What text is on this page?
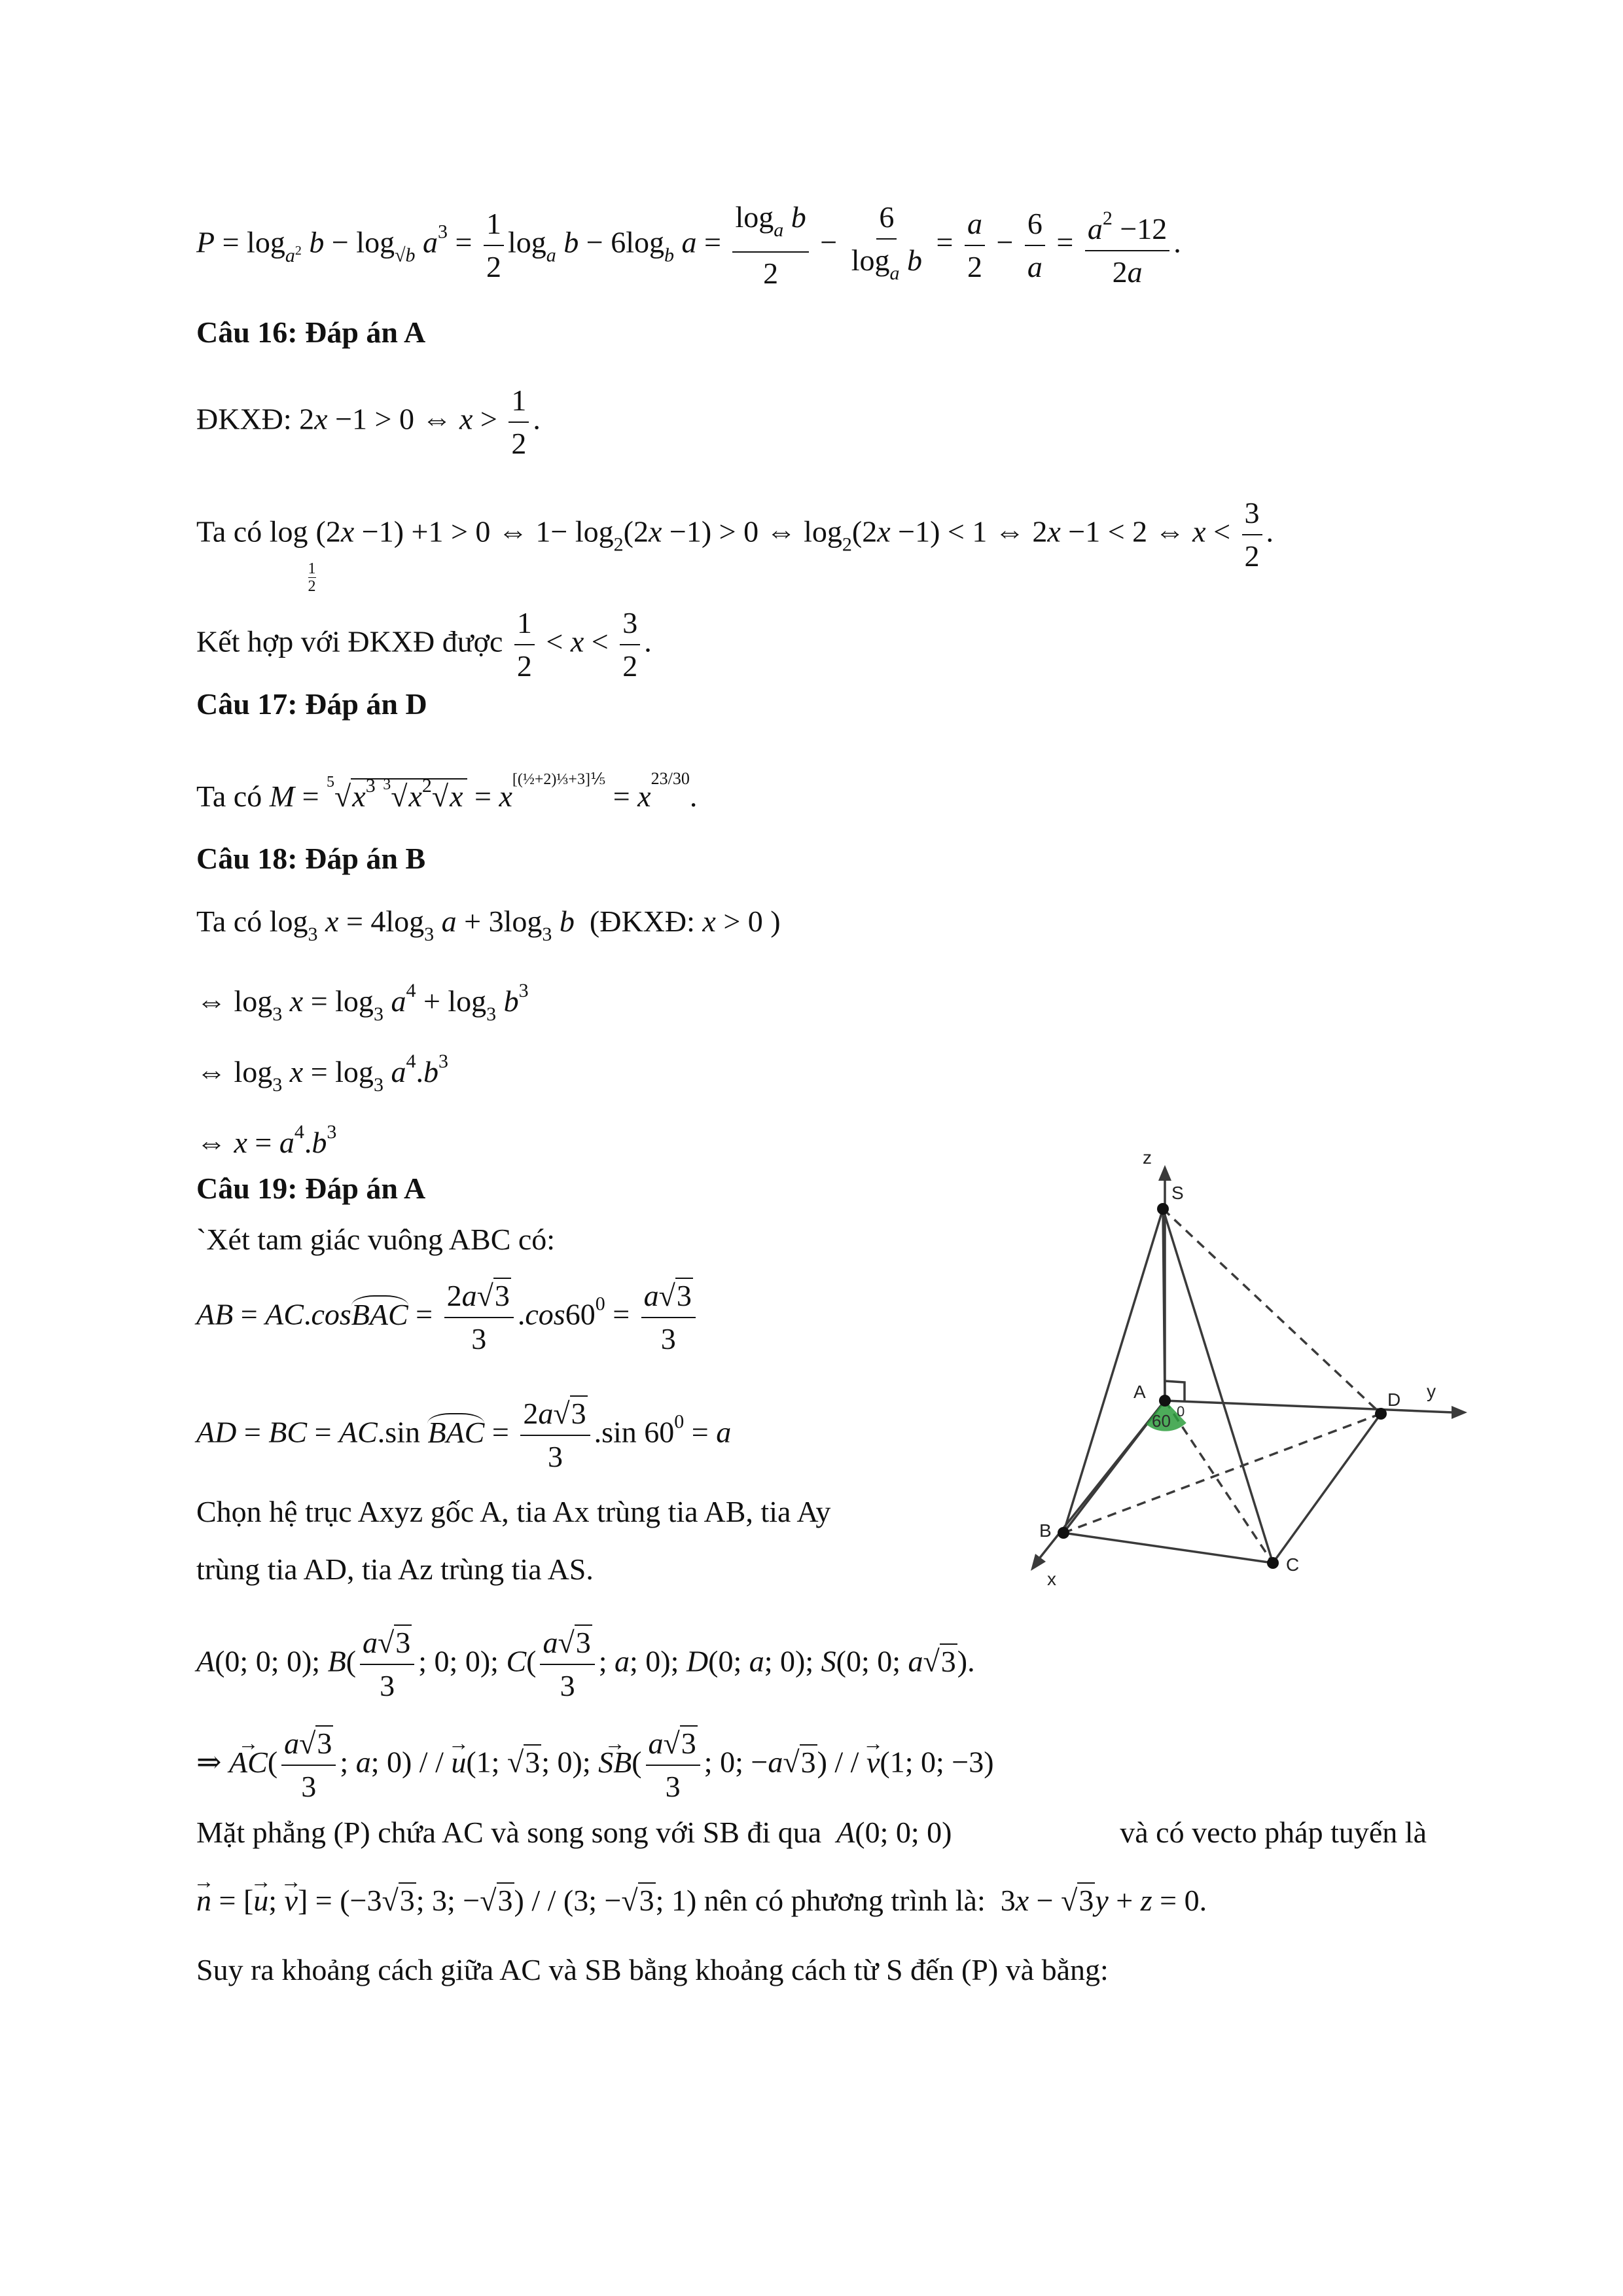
$P = \log_{a^2} b - \log_{√b} a^3 = \frac{1}{2} \log_a b - 6\log_b$ $a = \frac{\log_a b}{2} - \frac{6}{\log_a b} = \frac{a}{2} - \frac{6}{a} = \frac{a^2 -12}{2a}$ .
Câu 16: Đáp án A
ĐKXĐ: 2x −1 > 0 ⇔ $x > \frac{1}{2}$ .
Ta có log
$_{\frac{1}{2}}$
(2x −1) +1 > 0 ⇔ $1- \log_2(2x -1) > 0$ ⇔ $\log_2(2x -1) < 1$ ⇔ 2x −1 < 2 ⇔ $x < \frac{3}{2}$ .
Kết hợp với ĐKXĐ được $\frac{1}{2} < x < \frac{3}{2}$ .
Câu 17: Đáp án D
Ta có $M = ^5√x^3$ $^3√x^2√x = x^{[(\frac{1}{2}+2)\frac{1}{3}+3]\frac{1}{5}} = x^{23/30}$.
Câu 18: Đáp án B
Ta có $\log_3 x = 4\log_3$ $a + 3\log_3$ b  (ĐKXĐ: x > 0 )
⇔ $\log_3 x = \log_3 a^4 + \log_3 b^3$
⇔ $\log_3 x = \log_3 a^4.b^3$
⇔ $x = a^4.b^3$
Câu 19: Đáp án A
`Xét tam giác vuông ABC có:
AB = AC.cosBAC = $\frac{2a√3}{3} .\cos 60^0 = \frac{a√3}{3}$
AD = BC = AC.sin BAC = $\frac{2a√3}{3} .\sin$ $60^0 = a$
Chọn hệ trục Axyz gốc A, tia Ax trùng tia AB, tia Ay
trùng tia AD, tia Az trùng tia AS.
A(0; 0; 0); $B( \frac{a√3}{3}$ ; 0; 0); $C( \frac{a√3}{3}$ ; a; 0); D(0; a; 0); S(0; 0; a√3).
⇒ → $AC( \frac{a√3}{3}$ ; a; 0) / / → u(1; √3; 0); → $SB( \frac{a√3}{3}$ ; 0; −a√3) / / → v(1; 0; −3)
Mặt phẳng (P) chứa AC và song song với SB đi qua A(0; 0; 0)	và có vecto pháp tuyến là
→ n = [→ u; → v] = (−3√3; 3; −√3) / / (3; −√3; 1) nên có phương trình là:  3x − √3y + z = 0.
Suy ra khoảng cách giữa AC và SB bằng khoảng cách từ S đến (P) và bằng:
60 0
z
S
A	D y
B
C
x
